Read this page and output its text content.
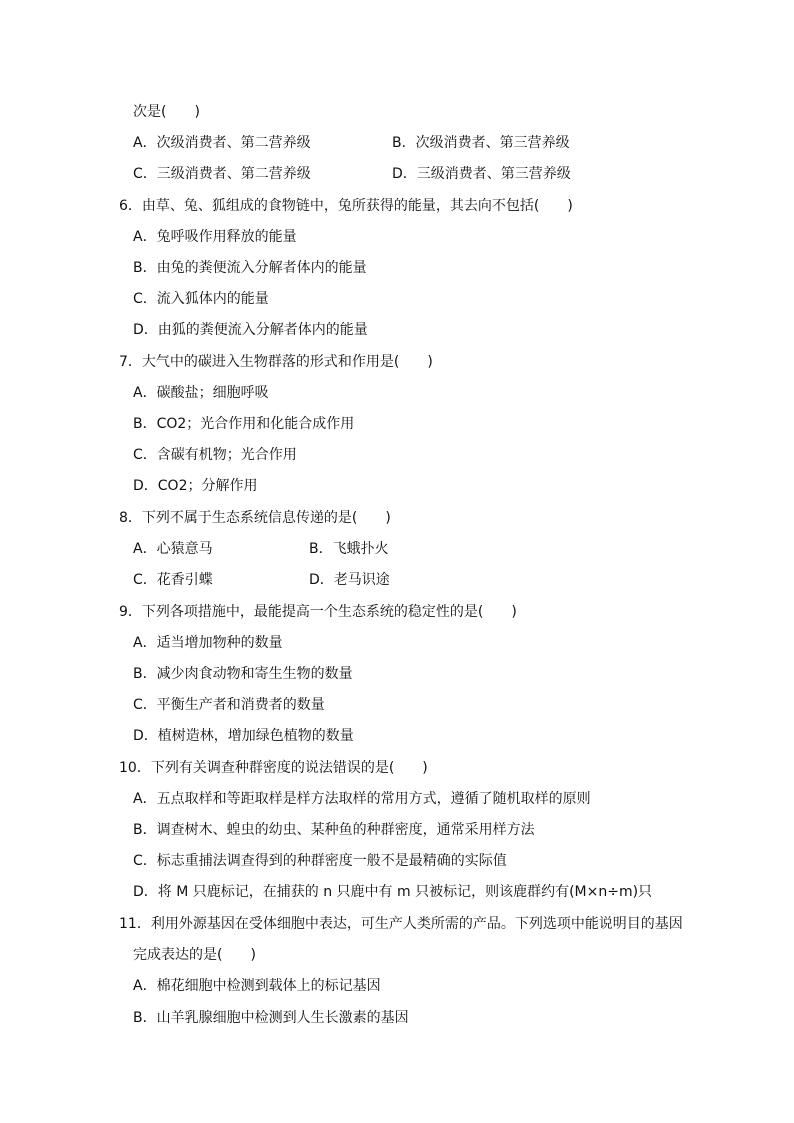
次是(　　)
A．次级消费者、第二营养级	B．次级消费者、第三营养级
C．三级消费者、第二营养级	D．三级消费者、第三营养级
6．由草、兔、狐组成的食物链中，兔所获得的能量，其去向不包括(　　)
A．兔呼吸作用释放的能量
B．由兔的粪便流入分解者体内的能量
C．流入狐体内的能量
D．由狐的粪便流入分解者体内的能量
7．大气中的碳进入生物群落的形式和作用是(　　)
A．碳酸盐；细胞呼吸
B．CO2；光合作用和化能合成作用
C．含碳有机物；光合作用
D．CO2；分解作用
8．下列不属于生态系统信息传递的是(　　)
A．心猿意马	B．飞蛾扑火
C．花香引蝶	D．老马识途
9．下列各项措施中，最能提高一个生态系统的稳定性的是(　　)
A．适当增加物种的数量
B．减少肉食动物和寄生生物的数量
C．平衡生产者和消费者的数量
D．植树造林，增加绿色植物的数量
10．下列有关调查种群密度的说法错误的是(　　)
A．五点取样和等距取样是样方法取样的常用方式，遵循了随机取样的原则
B．调查树木、蝗虫的幼虫、某种鱼的种群密度，通常采用样方法
C．标志重捕法调查得到的种群密度一般不是最精确的实际值
D．将 M 只鹿标记，在捕获的 n 只鹿中有 m 只被标记，则该鹿群约有(M×n÷m)只
11．利用外源基因在受体细胞中表达，可生产人类所需的产品。下列选项中能说明目的基因
完成表达的是(　　)
A．棉花细胞中检测到载体上的标记基因
B．山羊乳腺细胞中检测到人生长激素的基因
